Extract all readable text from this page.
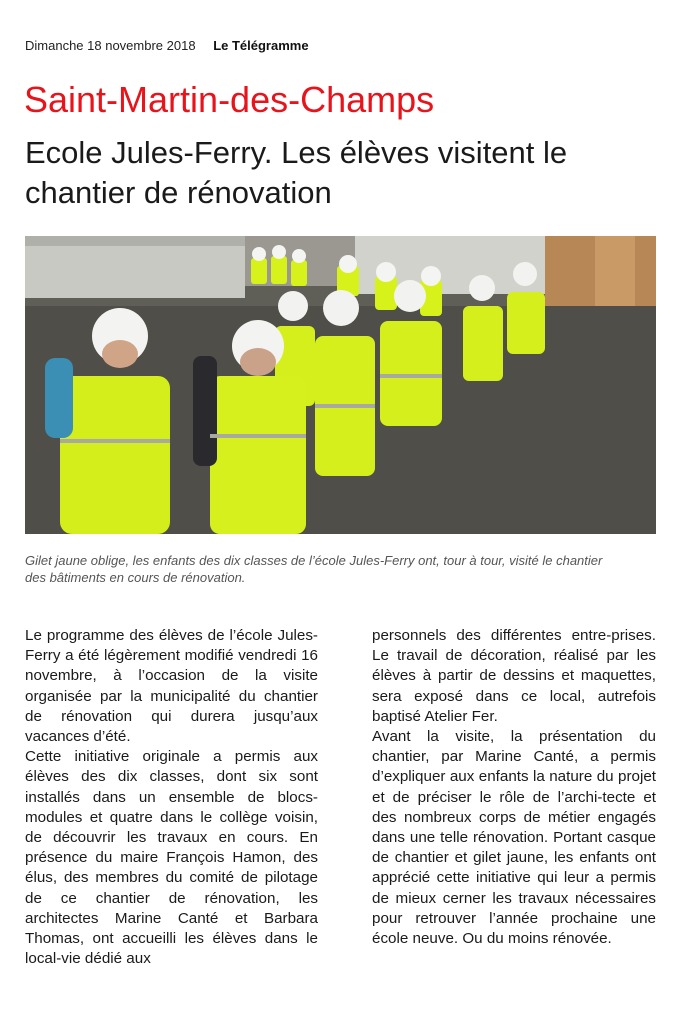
Dimanche 18 novembre 2018 Le Télégramme
Saint-Martin-des-Champs
Ecole Jules-Ferry. Les élèves visitent le chantier de rénovation
Gilet jaune oblige, les enfants des dix classes de l’école Jules-Ferry ont, tour à tour, visité le chantier des bâtiments en cours de rénovation.

Le programme des élèves de l’école Jules-Ferry a été légèrement modifié vendredi 16 novembre, à l’occasion de la visite organisée par la municipalité du chantier de rénovation qui durera jusqu’aux vacances d’été.

Cette initiative originale a permis aux élèves des dix classes, dont six sont installés dans un ensemble de blocs-modules et quatre dans le collège voisin, de découvrir les travaux en cours. En présence du maire François Hamon, des élus, des membres du comité de pilotage de ce chantier de rénovation, les architectes Marine Canté et Barbara Thomas, ont accueilli les élèves dans le local-vie dédié aux

personnels des différentes entre-prises. Le travail de décoration, réalisé par les élèves à partir de dessins et maquettes, sera exposé dans ce local, autrefois baptisé Atelier Fer.

Avant la visite, la présentation du chantier, par Marine Canté, a permis d’expliquer aux enfants la nature du projet et de préciser le rôle de l’archi-tecte et des nombreux corps de métier engagés dans une telle rénovation. Portant casque de chantier et gilet jaune, les enfants ont apprécié cette initiative qui leur a permis de mieux cerner les travaux nécessaires pour retrouver l’année prochaine une école neuve. Ou du moins rénovée.
